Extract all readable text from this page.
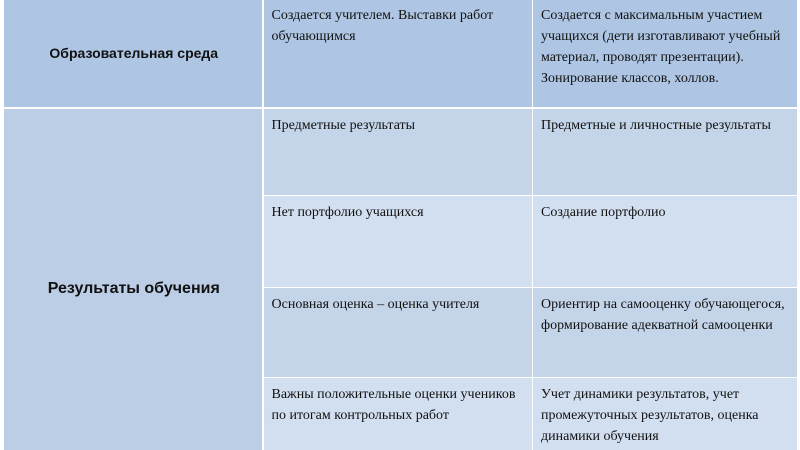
Образовательная среда	Создается учителем. Выставки работ обучающимся	Создается с максимальным участием учащихся (дети изготавливают учебный материал, проводят презентации). Зонирование классов, холлов.
Результаты обучения	Предметные результаты	Предметные и личностные результаты
	Нет портфолио учащихся	Создание портфолио
	Основная оценка – оценка учителя	Ориентир на самооценку обучающегося, формирование адекватной самооценки
	Важны положительные оценки учеников по итогам контрольных работ	Учет динамики результатов, учет промежуточных результатов, оценка динамики обучения
